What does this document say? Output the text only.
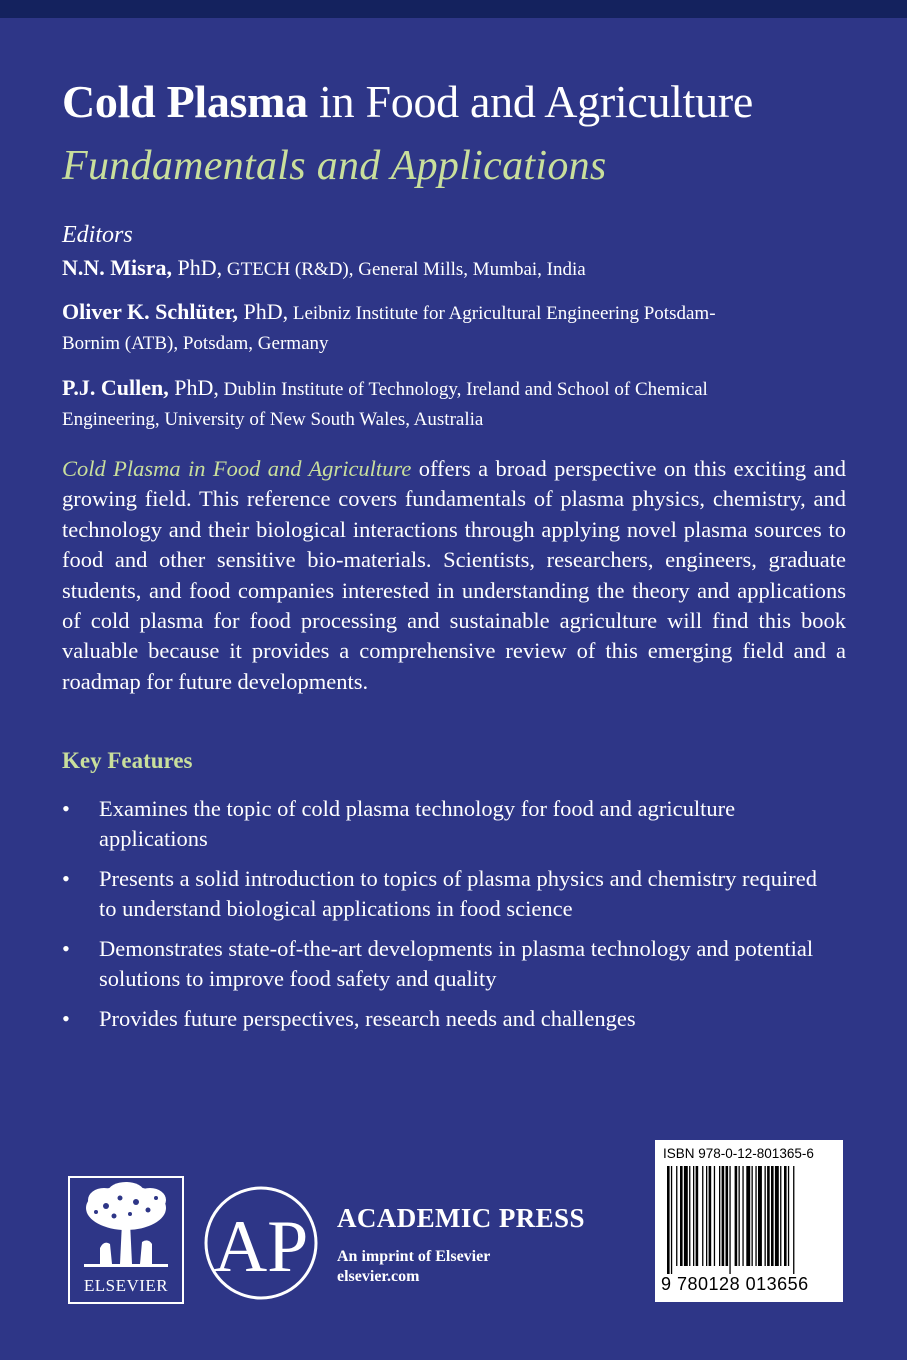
Cold Plasma in Food and Agriculture
Fundamentals and Applications
Editors
N.N. Misra, PhD, GTECH (R&D), General Mills, Mumbai, India
Oliver K. Schlüter, PhD, Leibniz Institute for Agricultural Engineering Potsdam-Bornim (ATB), Potsdam, Germany
P.J. Cullen, PhD, Dublin Institute of Technology, Ireland and School of Chemical Engineering, University of New South Wales, Australia
Cold Plasma in Food and Agriculture offers a broad perspective on this exciting and growing field. This reference covers fundamentals of plasma physics, chemistry, and technology and their biological interactions through applying novel plasma sources to food and other sensitive bio-materials. Scientists, researchers, engineers, graduate students, and food companies interested in understanding the theory and applications of cold plasma for food processing and sustainable agriculture will find this book valuable because it provides a comprehensive review of this emerging field and a roadmap for future developments.
Key Features
• Examines the topic of cold plasma technology for food and agriculture applications
• Presents a solid introduction to topics of plasma physics and chemistry required to understand biological applications in food science
• Demonstrates state-of-the-art developments in plasma technology and potential solutions to improve food safety and quality
• Provides future perspectives, research needs and challenges
ELSEVIER AP ACADEMIC PRESS
An imprint of Elsevier
elsevier.com
ISBN 978-0-12-801365-6
9 780128 013656
